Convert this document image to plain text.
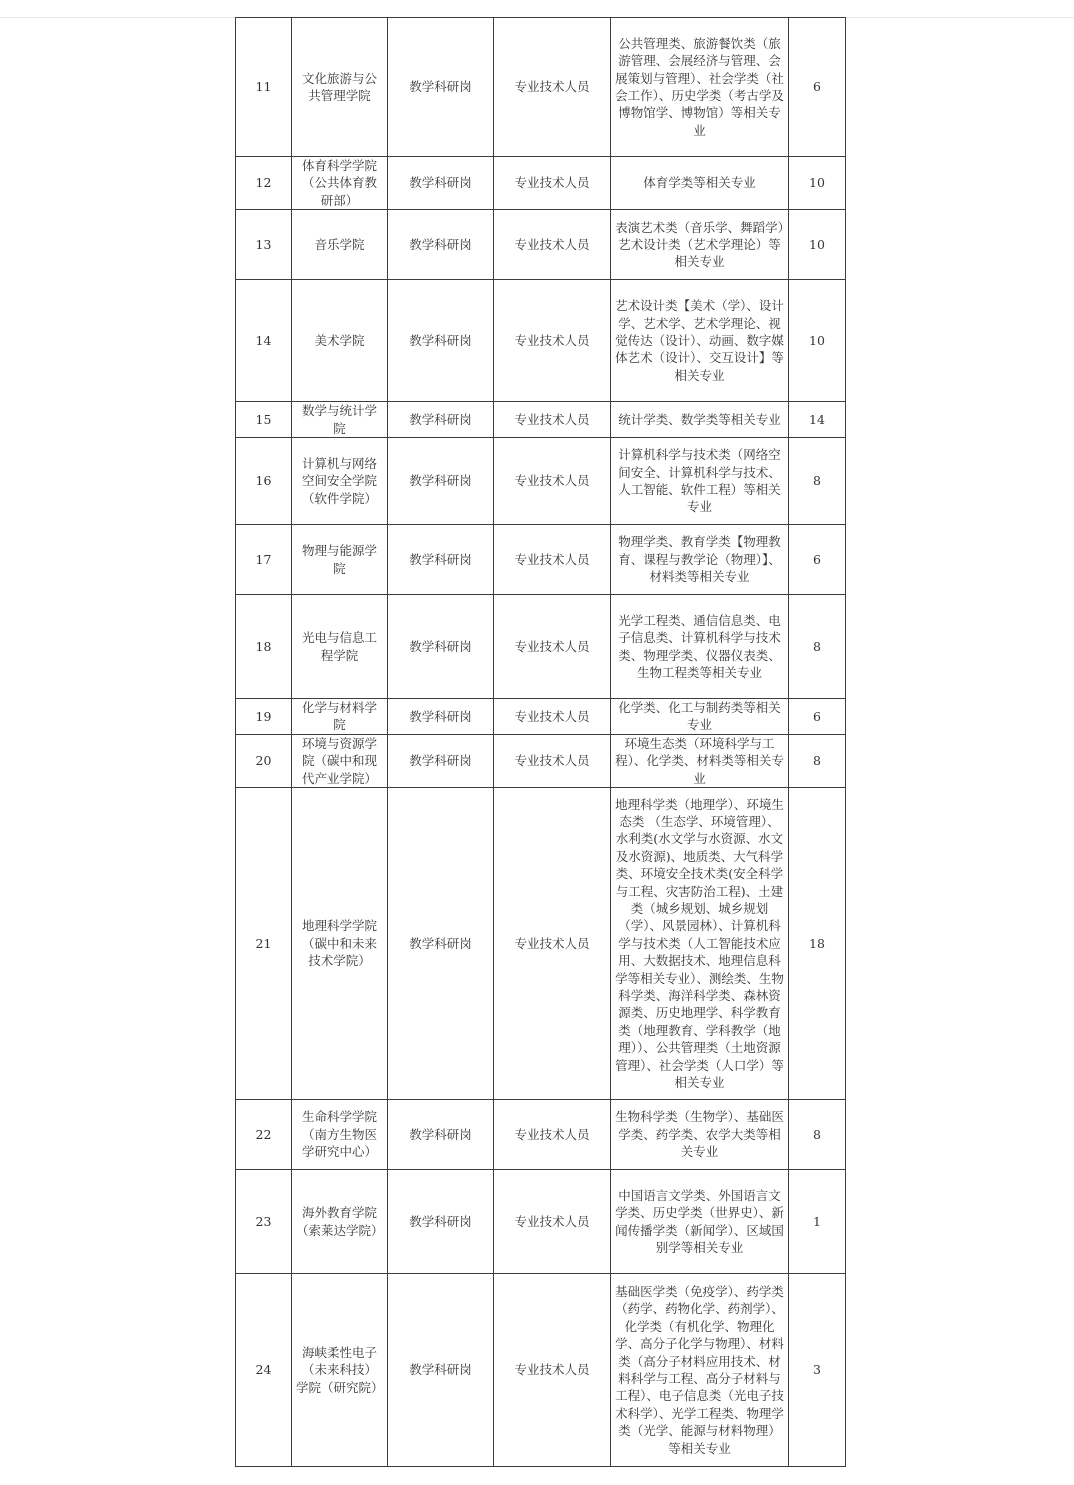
11	文化旅游与公共管理学院	教学科研岗	专业技术人员	公共管理类、旅游餐饮类（旅游管理、会展经济与管理、会展策划与管理）、社会学类（社会工作）、历史学类（考古学及博物馆学、博物馆）等相关专业	6
12	体育科学学院（公共体育教研部）	教学科研岗	专业技术人员	体育学类等相关专业	10
13	音乐学院	教学科研岗	专业技术人员	表演艺术类（音乐学、舞蹈学）艺术设计类（艺术学理论）等相关专业	10
14	美术学院	教学科研岗	专业技术人员	艺术设计类【美术（学）、设计学、艺术学、艺术学理论、视觉传达（设计）、动画、数字媒体艺术（设计）、交互设计】等相关专业	10
15	数学与统计学院	教学科研岗	专业技术人员	统计学类、数学类等相关专业	14
16	计算机与网络空间安全学院（软件学院）	教学科研岗	专业技术人员	计算机科学与技术类（网络空间安全、计算机科学与技术、人工智能、软件工程）等相关专业	8
17	物理与能源学院	教学科研岗	专业技术人员	物理学类、教育学类【物理教育、课程与教学论（物理）】、材料类等相关专业	6
18	光电与信息工程学院	教学科研岗	专业技术人员	光学工程类、通信信息类、电子信息类、计算机科学与技术类、物理学类、仪器仪表类、生物工程类等相关专业	8
19	化学与材料学院	教学科研岗	专业技术人员	化学类、化工与制药类等相关专业	6
20	环境与资源学院（碳中和现代产业学院）	教学科研岗	专业技术人员	环境生态类（环境科学与工程）、化学类、材料类等相关专业	8
21	地理科学学院（碳中和未来技术学院）	教学科研岗	专业技术人员	地理科学类（地理学）、环境生态类 （生态学、环境管理）、水利类(水文学与水资源、水文及水资源)、地质类、大气科学类、环境安全技术类(安全科学与工程、灾害防治工程)、土建类（城乡规划、城乡规划（学）、风景园林）、计算机科学与技术类（人工智能技术应用、大数据技术、地理信息科学等相关专业）、测绘类、生物科学类、海洋科学类、森林资源类、历史地理学、科学教育类（地理教育、学科教学（地理））、公共管理类（土地资源管理）、社会学类（人口学）等相关专业	18
22	生命科学学院（南方生物医学研究中心）	教学科研岗	专业技术人员	生物科学类（生物学）、基础医学类、药学类、农学大类等相关专业	8
23	海外教育学院（索莱达学院）	教学科研岗	专业技术人员	中国语言文学类、外国语言文学类、历史学类（世界史）、新闻传播学类（新闻学）、区域国别学等相关专业	1
24	海峡柔性电子（未来科技）学院（研究院）	教学科研岗	专业技术人员	基础医学类（免疫学）、药学类（药学、药物化学、药剂学）、化学类（有机化学、物理化学、高分子化学与物理）、材料类（高分子材料应用技术、材料科学与工程、高分子材料与工程）、电子信息类（光电子技术科学）、光学工程类、物理学类（光学、能源与材料物理）等相关专业	3
